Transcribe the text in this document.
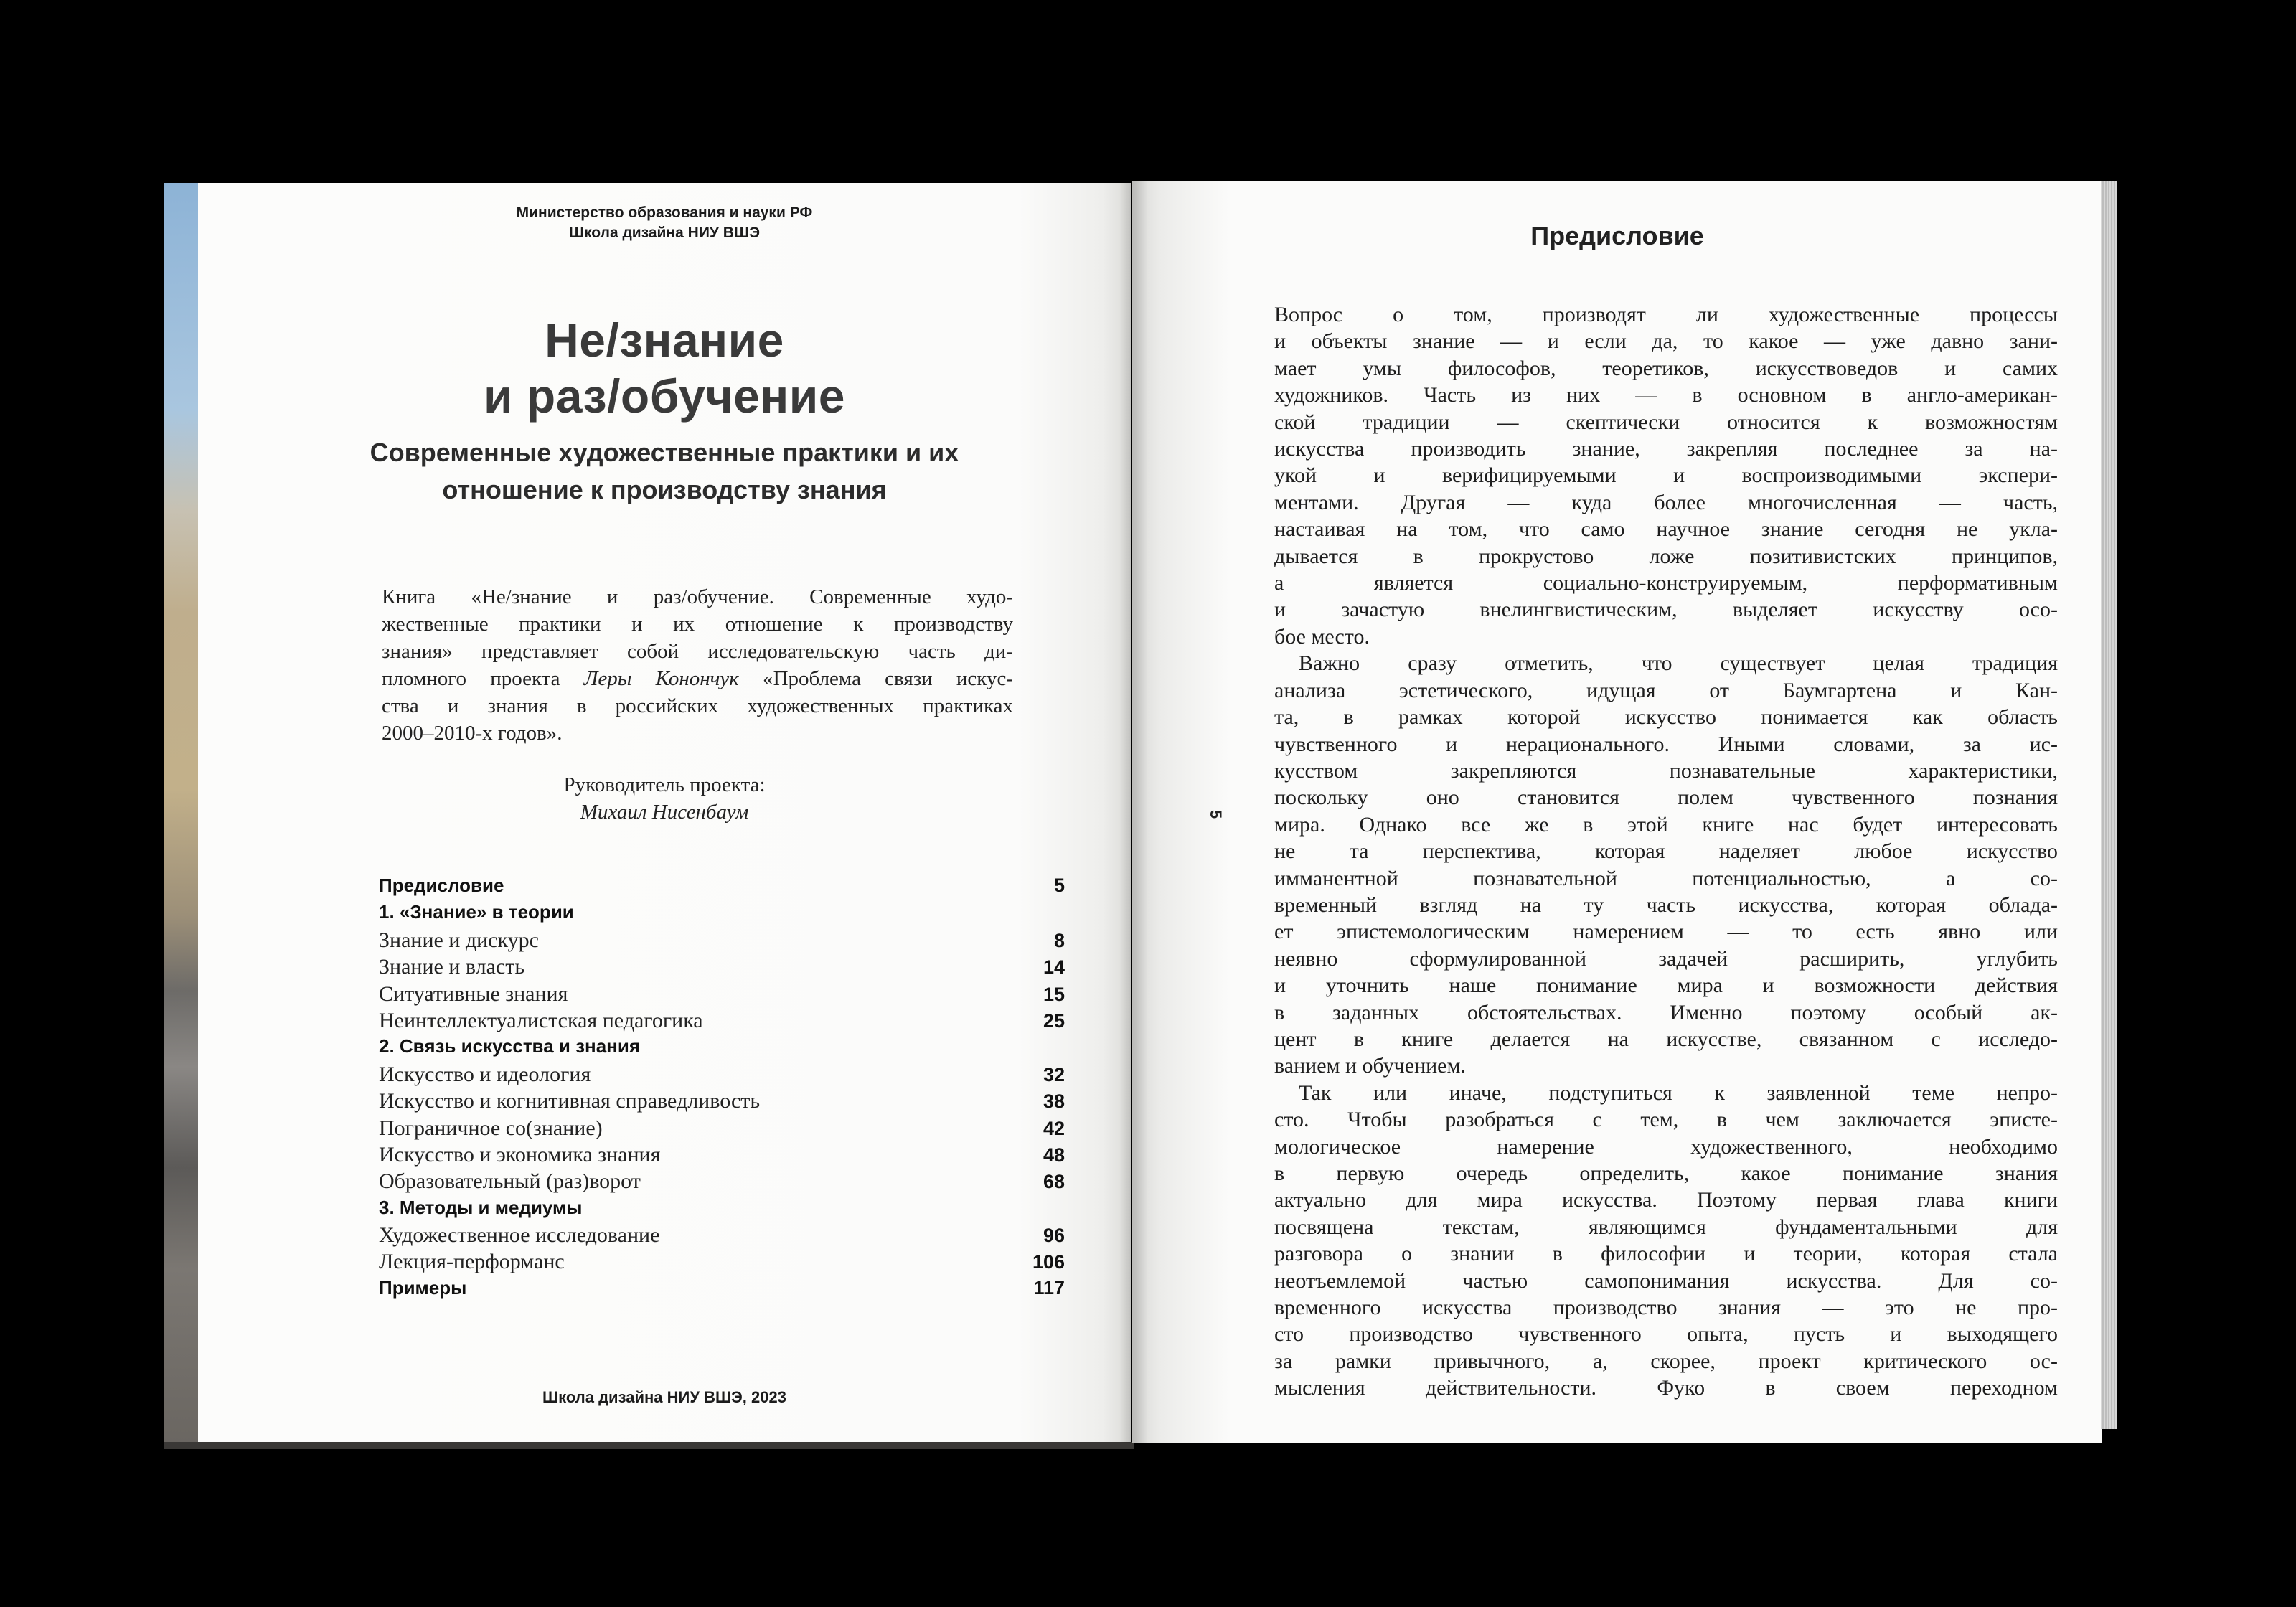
Министерство образования и науки РФ
Школа дизайна НИУ ВШЭ
Не/знание
и раз/обучение
Современные художественные практики и их
отношение к производству знания
Книга «Не/знание и раз/обучение. Современные худо-
жественные практики и их отношение к производству
знания» представляет собой исследовательскую часть ди-
пломного проекта Леры Конончук «Проблема связи искус-
ства и знания в российских художественных практиках
2000–2010-х годов».
Руководитель проекта:
Михаил Нисенбаум
Предисловие	5
1. «Знание» в теории
Знание и дискурс	8
Знание и власть	14
Ситуативные знания	15
Неинтеллектуалистская педагогика	25
2. Связь искусства и знания
Искусство и идеология	32
Искусство и когнитивная справедливость	38
Пограничное со(знание)	42
Искусство и экономика знания	48
Образовательный (раз)ворот	68
3. Методы и медиумы
Художественное исследование	96
Лекция-перформанс	106
Примеры	117
Школа дизайна НИУ ВШЭ, 2023
Предисловие
5
Вопрос о том, производят ли художественные процессы
и объекты знание — и если да, то какое — уже давно зани-
мает умы философов, теоретиков, искусствоведов и самих
художников. Часть из них — в основном в англо-американ-
ской традиции — скептически относится к возможностям
искусства производить знание, закрепляя последнее за на-
укой и верифицируемыми и воспроизводимыми экспери-
ментами. Другая — куда более многочисленная — часть,
настаивая на том, что само научное знание сегодня не укла-
дывается в прокрустово ложе позитивистских принципов,
а является социально-конструируемым, перформативным
и зачастую внелингвистическим, выделяет искусству осо-
бое место.
Важно сразу отметить, что существует целая традиция
анализа эстетического, идущая от Баумгартена и Кан-
та, в рамках которой искусство понимается как область
чувственного и нерационального. Иными словами, за ис-
кусством закрепляются познавательные характеристики,
поскольку оно становится полем чувственного познания
мира. Однако все же в этой книге нас будет интересовать
не та перспектива, которая наделяет любое искусство
имманентной познавательной потенциальностью, а со-
временный взгляд на ту часть искусства, которая облада-
ет эпистемологическим намерением — то есть явно или
неявно сформулированной задачей расширить, углубить
и уточнить наше понимание мира и возможности действия
в заданных обстоятельствах. Именно поэтому особый ак-
цент в книге делается на искусстве, связанном с исследо-
ванием и обучением.
Так или иначе, подступиться к заявленной теме непро-
сто. Чтобы разобраться с тем, в чем заключается эписте-
мологическое намерение художественного, необходимо
в первую очередь определить, какое понимание знания
актуально для мира искусства. Поэтому первая глава книги
посвящена текстам, являющимся фундаментальными для
разговора о знании в философии и теории, которая стала
неотъемлемой частью самопонимания искусства. Для со-
временного искусства производство знания — это не про-
сто производство чувственного опыта, пусть и выходящего
за рамки привычного, а, скорее, проект критического ос-
мысления действительности. Фуко в своем переходном
